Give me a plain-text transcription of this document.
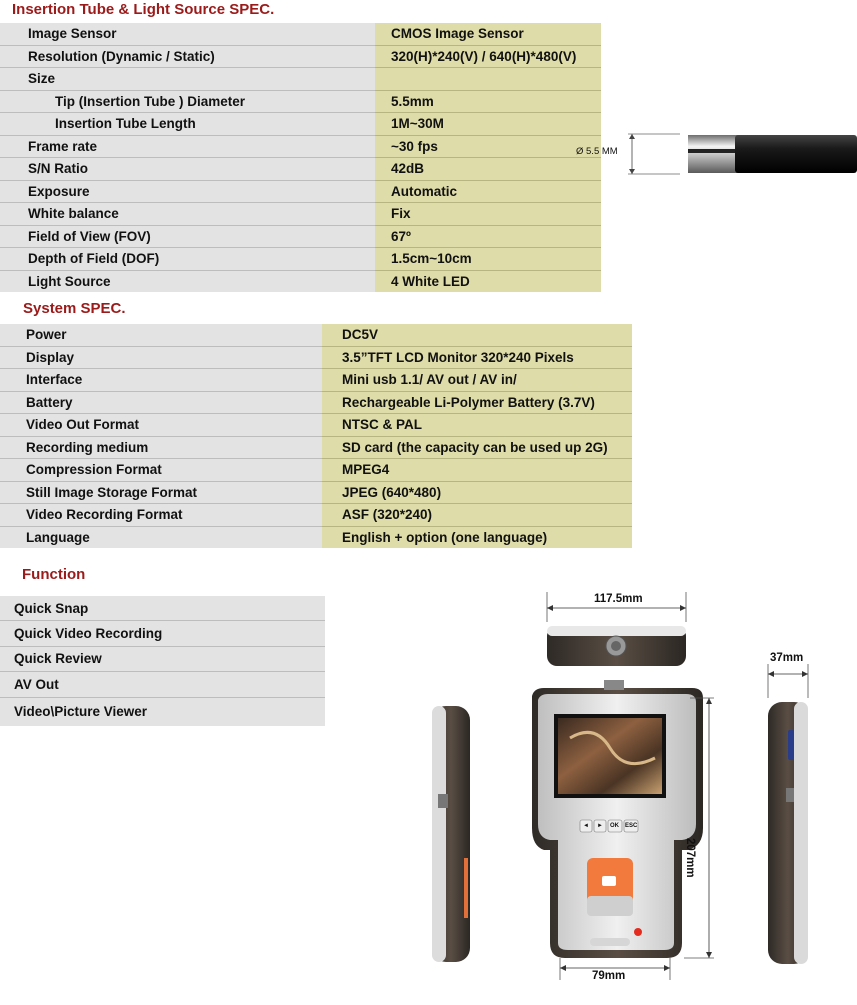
Insertion Tube & Light Source SPEC.
Image Sensor	CMOS Image Sensor
Resolution (Dynamic / Static)	320(H)*240(V) / 640(H)*480(V)
Size	
Tip (Insertion Tube ) Diameter	5.5mm
Insertion Tube Length	1M~30M
Frame rate	~30 fps
S/N Ratio	42dB
Exposure	Automatic
White balance	Fix
Field of View (FOV)	67º
Depth of Field (DOF)	1.5cm~10cm
Light Source	4 White LED
System SPEC.
Power	DC5V
Display	3.5”TFT LCD Monitor 320*240 Pixels
Interface	Mini usb 1.1/ AV out / AV in/
Battery	Rechargeable Li-Polymer Battery (3.7V)
Video Out Format	NTSC & PAL
Recording medium	SD card (the capacity can be used up 2G)
Compression Format	MPEG4
Still Image Storage Format	JPEG (640*480)
Video Recording Format	ASF (320*240)
Language	English + option (one language)
Function
Quick Snap
Quick Video Recording
Quick Review
AV Out
Video\Picture Viewer
Ø 5.5 MM
117.5mm
37mm
207mm
79mm
◄ ► OK ESC
